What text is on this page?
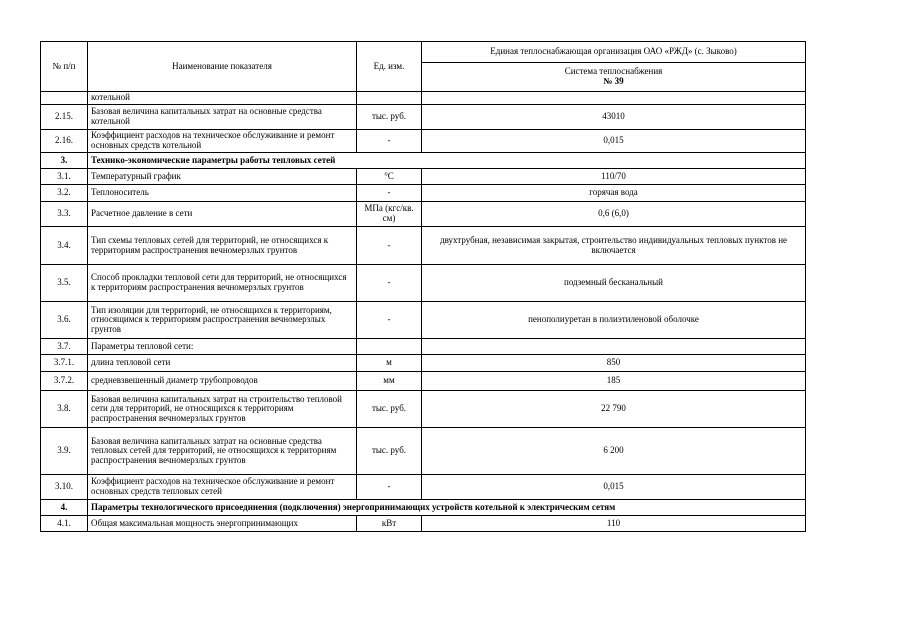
№ п/п	Наименование показателя	Ед. изм.	Единая теплоснабжающая организация ОАО «РЖД» (с. Зыково)

			Система теплоснабжения
№ 39

	котельной		
2.15.	Базовая величина капитальных затрат на основные средства котельной	тыс. руб.	43010
2.16.	Коэффициент расходов на техническое обслуживание и ремонт основных средств котельной	-	0,015
3.	Технико-экономические параметры работы тепловых сетей		
3.1.	Температурный график	°С	110/70
3.2.	Теплоноситель	-	горячая вода
3.3.	Расчетное давление в сети	МПа (кгс/кв. см)	0,6 (6,0)
3.4.	Тип схемы тепловых сетей для территорий, не относящихся к территориям распространения вечномерзлых грунтов	-	двухтрубная, независимая закрытая, строительство индивидуальных тепловых пунктов не включается
3.5.	Способ прокладки тепловой сети для территорий, не относящихся к территориям распространения вечномерзлых грунтов	-	подземный бесканальный
3.6.	Тип изоляции для территорий, не относящихся к территориям, относящимся к территориям распространения вечномерзлых грунтов	-	пенополиуретан в полиэтиленовой оболочке
3.7.	Параметры тепловой сети:		
3.7.1.	длина тепловой сети	м	850
3.7.2.	средневзвешенный диаметр трубопроводов	мм	185
3.8.	Базовая величина капитальных затрат на строительство тепловой сети для территорий, не относящихся к территориям распространения вечномерзлых грунтов	тыс. руб.	22 790
3.9.	Базовая величина капитальных затрат на основные средства тепловых сетей для территорий, не относящихся к территориям распространения вечномерзлых грунтов	тыс. руб.	6 200
3.10.	Коэффициент расходов на техническое обслуживание и ремонт основных средств тепловых сетей	-	0,015
4.	Параметры технологического присоединения (подключения) энергопринимающих устройств котельной к электрическим сетям		
4.1.	Общая максимальная мощность энергопринимающих	кВт	110
